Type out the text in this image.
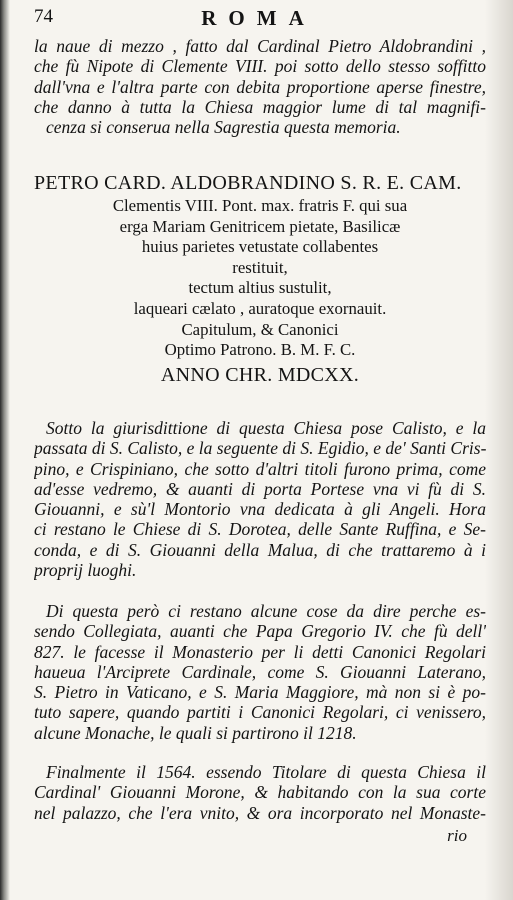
74	ROMA
la naue di mezzo , fatto dal Cardinal Pietro Aldobrandini ,
che fù Nipote di Clemente VIII. poi sotto dello stesso soffitto
dall'vna e l'altra parte con debita proportione aperse finestre,
che danno à tutta la Chiesa maggior lume di tal magnifi-
cenza si conserua nella Sagrestia questa memoria.
PETRO CARD. ALDOBRANDINO S. R. E. CAM.
Clementis VIII. Pont. max. fratris F. qui sua
erga Mariam Genitricem pietate, Basilicæ
huius parietes vetustate collabentes
restituit,
tectum altius sustulit,
laqueari cælato , auratoque exornauit.
Capitulum, & Canonici
Optimo Patrono. B. M. F. C.
ANNO CHR. MDCXX.
Sotto la giurisdittione di questa Chiesa pose Calisto, e la
passata di S. Calisto, e la seguente di S. Egidio, e de' Santi Cris-
pino, e Crispiniano, che sotto d'altri titoli furono prima, come
ad'esse vedremo, & auanti di porta Portese vna vi fù di S.
Giouanni, e sù'l Montorio vna dedicata à gli Angeli. Hora
ci restano le Chiese di S. Dorotea, delle Sante Ruffina, e Se-
conda, e di S. Giouanni della Malua, di che trattaremo à i
proprij luoghi.
Di questa però ci restano alcune cose da dire perche es-
sendo Collegiata, auanti che Papa Gregorio IV. che fù dell'
827. le facesse il Monasterio per li detti Canonici Regolari
haueua l'Arciprete Cardinale, come S. Giouanni Laterano,
S. Pietro in Vaticano, e S. Maria Maggiore, mà non si è po-
tuto sapere, quando partiti i Canonici Regolari, ci venissero,
alcune Monache, le quali si partirono il 1218.
Finalmente il 1564. essendo Titolare di questa Chiesa il
Cardinal' Giouanni Morone, & habitando con la sua corte
nel palazzo, che l'era vnito, & ora incorporato nel Monaste-
rio
